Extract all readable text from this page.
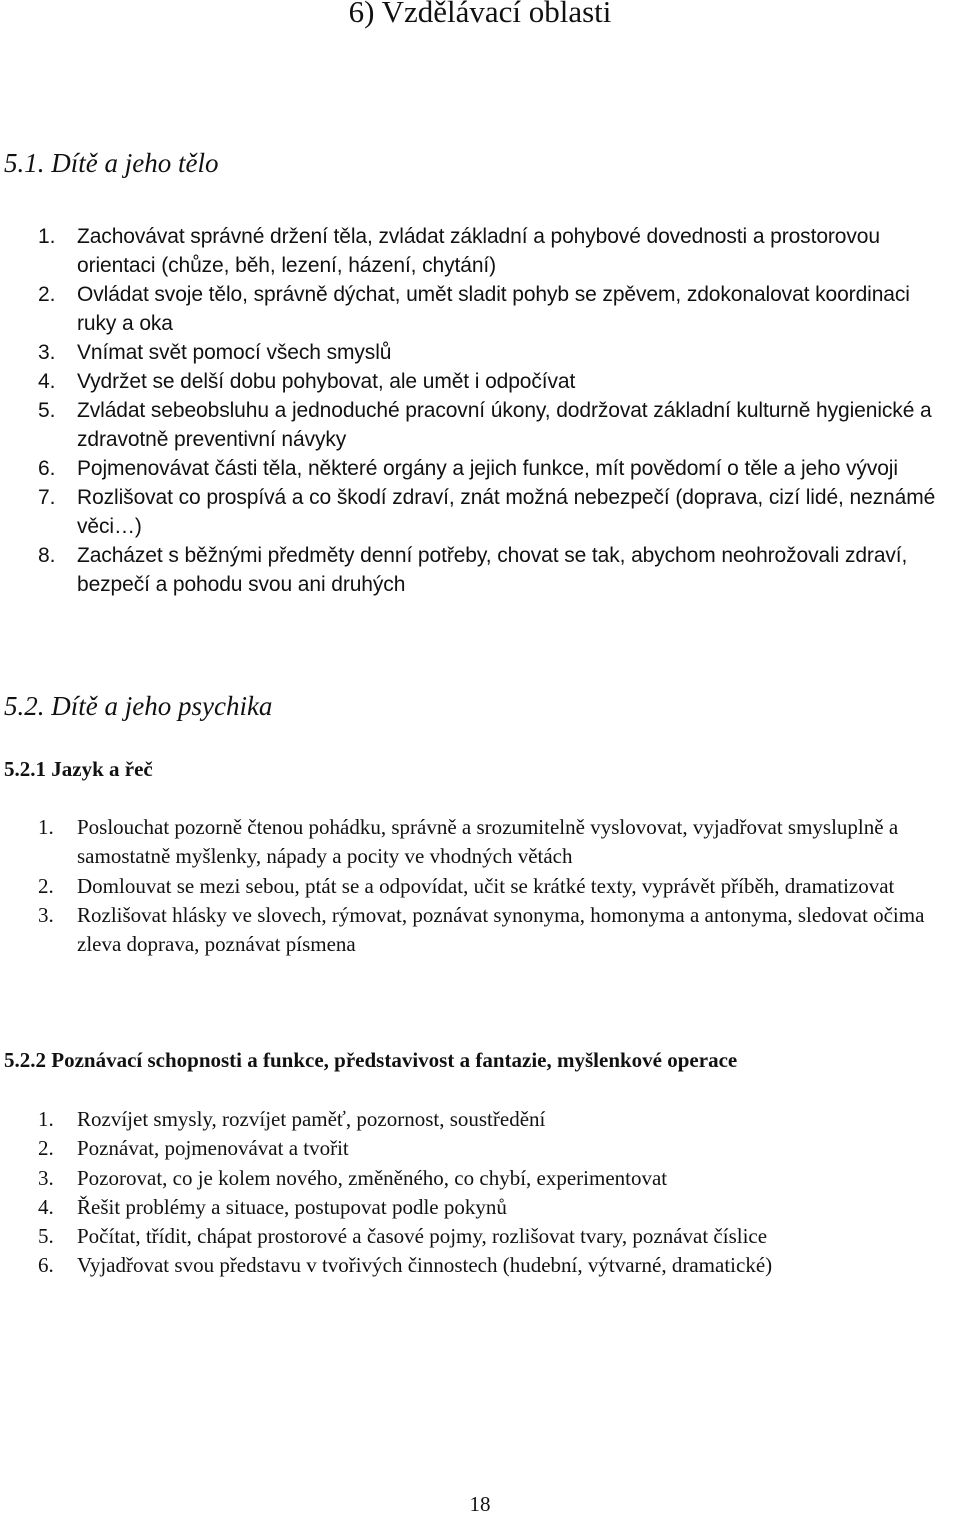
6) Vzdělávací oblasti
5.1. Dítě a jeho tělo
1. Zachovávat správné držení těla, zvládat základní a pohybové dovednosti a prostorovou orientaci (chůze, běh, lezení, házení, chytání)
2. Ovládat svoje tělo, správně dýchat, umět sladit pohyb se zpěvem, zdokonalovat koordinaci ruky a oka
3. Vnímat svět pomocí všech smyslů
4. Vydržet se delší dobu pohybovat, ale umět i odpočívat
5. Zvládat sebeobsluhu a jednoduché pracovní úkony, dodržovat základní kulturně hygienické a zdravotně preventivní návyky
6. Pojmenovávat části těla, některé orgány a jejich funkce, mít povědomí o těle a jeho vývoji
7. Rozlišovat co prospívá a co škodí zdraví, znát možná nebezpečí (doprava, cizí lidé, neznámé věci…)
8. Zacházet s běžnými předměty denní potřeby, chovat se tak, abychom neohrožovali zdraví, bezpečí a pohodu svou ani druhých
5.2. Dítě a jeho psychika
5.2.1 Jazyk a řeč
1. Poslouchat pozorně čtenou pohádku, správně a srozumitelně vyslovovat, vyjadřovat smysluplně a samostatně myšlenky, nápady a pocity ve vhodných větách
2. Domlouvat se mezi sebou, ptát se a odpovídat, učit se krátké texty, vyprávět příběh, dramatizovat
3. Rozlišovat hlásky ve slovech, rýmovat, poznávat synonyma, homonyma a antonyma, sledovat očima zleva doprava, poznávat písmena
5.2.2 Poznávací schopnosti a funkce, představivost a fantazie, myšlenkové operace
1. Rozvíjet smysly, rozvíjet paměť, pozornost, soustředění
2. Poznávat, pojmenovávat a tvořit
3. Pozorovat, co je kolem nového, změněného, co chybí, experimentovat
4. Řešit problémy a situace, postupovat podle pokynů
5. Počítat, třídit, chápat prostorové a časové pojmy, rozlišovat tvary, poznávat číslice
6. Vyjadřovat svou představu v tvořivých činnostech (hudební, výtvarné, dramatické)
18
